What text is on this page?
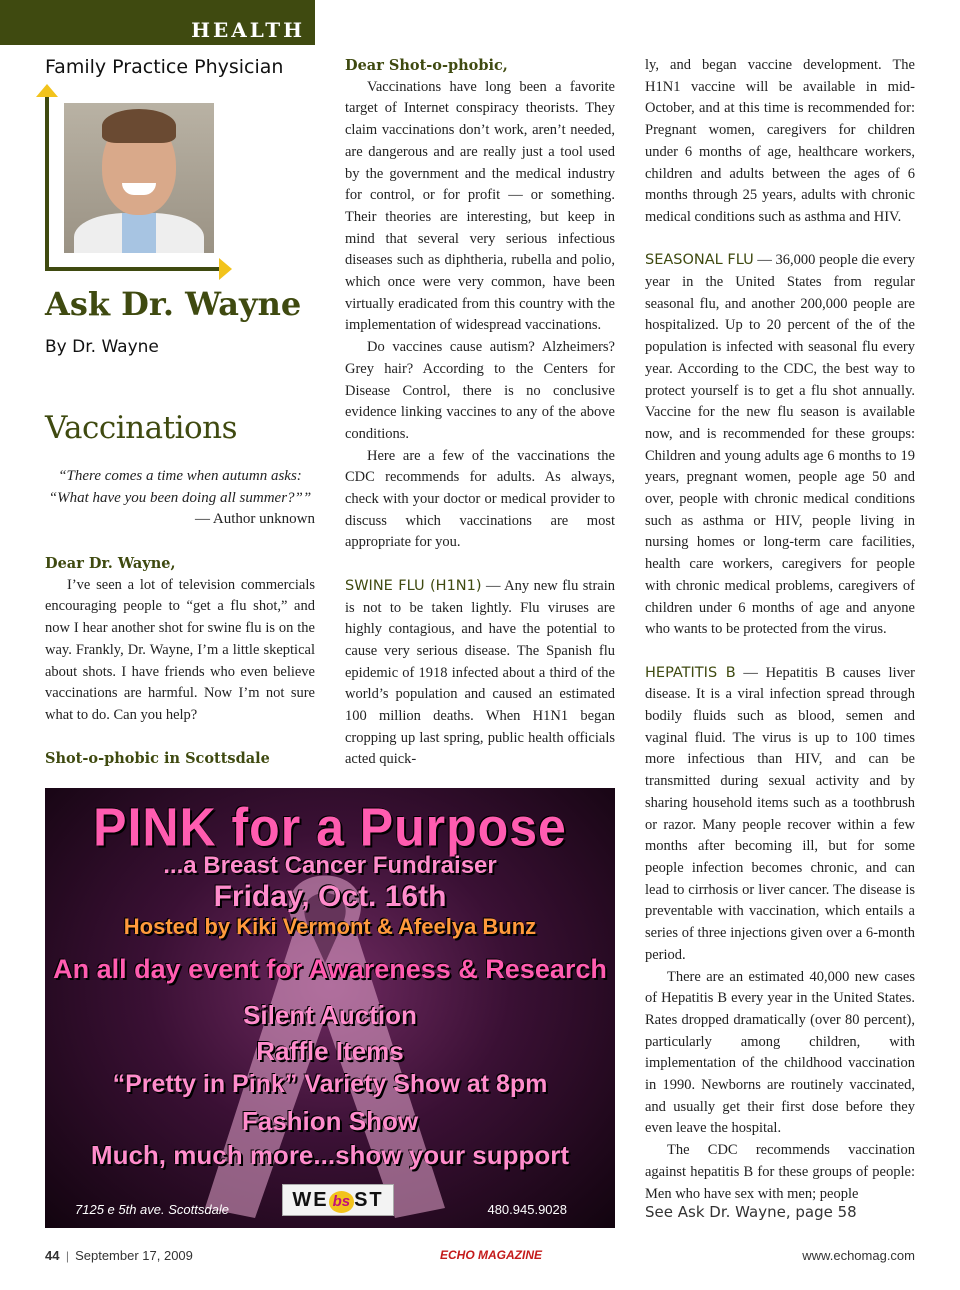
HEALTH
Family Practice Physician
Ask Dr. Wayne
By Dr. Wayne
Vaccinations

“There comes a time when autumn asks: “What have you been doing all summer?””

— Author unknown

Dear Dr. Wayne,

I’ve seen a lot of television commercials encouraging people to “get a flu shot,” and now I hear another shot for swine flu is on the way. Frankly, Dr. Wayne, I’m a little skeptical about shots. I have friends who even believe vaccinations are harmful. Now I’m not sure what to do. Can you help?

Shot-o-phobic in Scottsdale

Dear Shot-o-phobic,

Vaccinations have long been a favorite target of Internet conspiracy theorists. They claim vaccinations don’t work, aren’t needed, are dangerous and are really just a tool used by the government and the medical industry for control, or for profit — or something. Their theories are interesting, but keep in mind that several very serious infectious diseases such as diphtheria, rubella and polio, which once were very common, have been virtually eradicated from this country with the implementation of widespread vaccinations.

Do vaccines cause autism? Alzheimers? Grey hair? According to the Centers for Disease Control, there is no conclusive evidence linking vaccines to any of the above conditions.

Here are a few of the vaccinations the CDC recommends for adults. As always, check with your doctor or medical provider to discuss which vaccinations are most appropriate for you.

SWINE FLU (H1N1) — Any new flu strain is not to be taken lightly. Flu viruses are highly contagious, and have the potential to cause very serious disease. The Spanish flu epidemic of 1918 infected about a third of the world’s population and caused an estimated 100 million deaths. When H1N1 began cropping up last spring, public health officials acted quick-

ly, and began vaccine development. The H1N1 vaccine will be available in mid-October, and at this time is recommended for: Pregnant women, caregivers for children under 6 months of age, healthcare workers, children and adults between the ages of 6 months through 25 years, adults with chronic medical conditions such as asthma and HIV.

SEASONAL FLU — 36,000 people die every year in the United States from regular seasonal flu, and another 200,000 people are hospitalized. Up to 20 percent of the of the population is infected with seasonal flu every year. According to the CDC, the best way to protect yourself is to get a flu shot annually. Vaccine for the new flu season is available now, and is recommended for these groups: Children and young adults age 6 months to 19 years, pregnant women, people age 50 and over, people with chronic medical conditions such as asthma or HIV, people living in nursing homes or long-term care facilities, health care workers, caregivers for people with chronic medical problems, caregivers of children under 6 months of age and anyone who wants to be protected from the virus.

HEPATITIS B — Hepatitis B causes liver disease. It is a viral infection spread through bodily fluids such as blood, semen and vaginal fluid. The virus is up to 100 times more infectious than HIV, and can be transmitted during sexual activity and by sharing household items such as a toothbrush or razor. Many people recover within a few months after becoming ill, but for some people infection becomes chronic, and can lead to cirrhosis or liver cancer. The disease is preventable with vaccination, which entails a series of three injections given over a 6-month period.

There are an estimated 40,000 new cases of Hepatitis B every year in the United States. Rates dropped dramatically (over 80 percent), particularly among children, with implementation of the childhood vaccination in 1990. Newborns are routinely vaccinated, and usually get their first dose before they even leave the hospital.

The CDC recommends vaccination against hepatitis B for these groups of people: Men who have sex with men; people

PINK for a Purpose
...a Breast Cancer Fundraiser
Friday, Oct. 16th
Hosted by Kiki Vermont & Afeelya Bunz
An all day event for Awareness & Research
Silent Auction
Raffle Items
“Pretty in Pink” Variety Show at 8pm
Fashion Show
Much, much more...show your support
7125 e 5th ave. Scottsdale	WE bs ST	480.945.9028	See Ask Dr. Wayne, page 58
44  |  September 17, 2009	ECHO MAGAZINE	www.echomag.com
